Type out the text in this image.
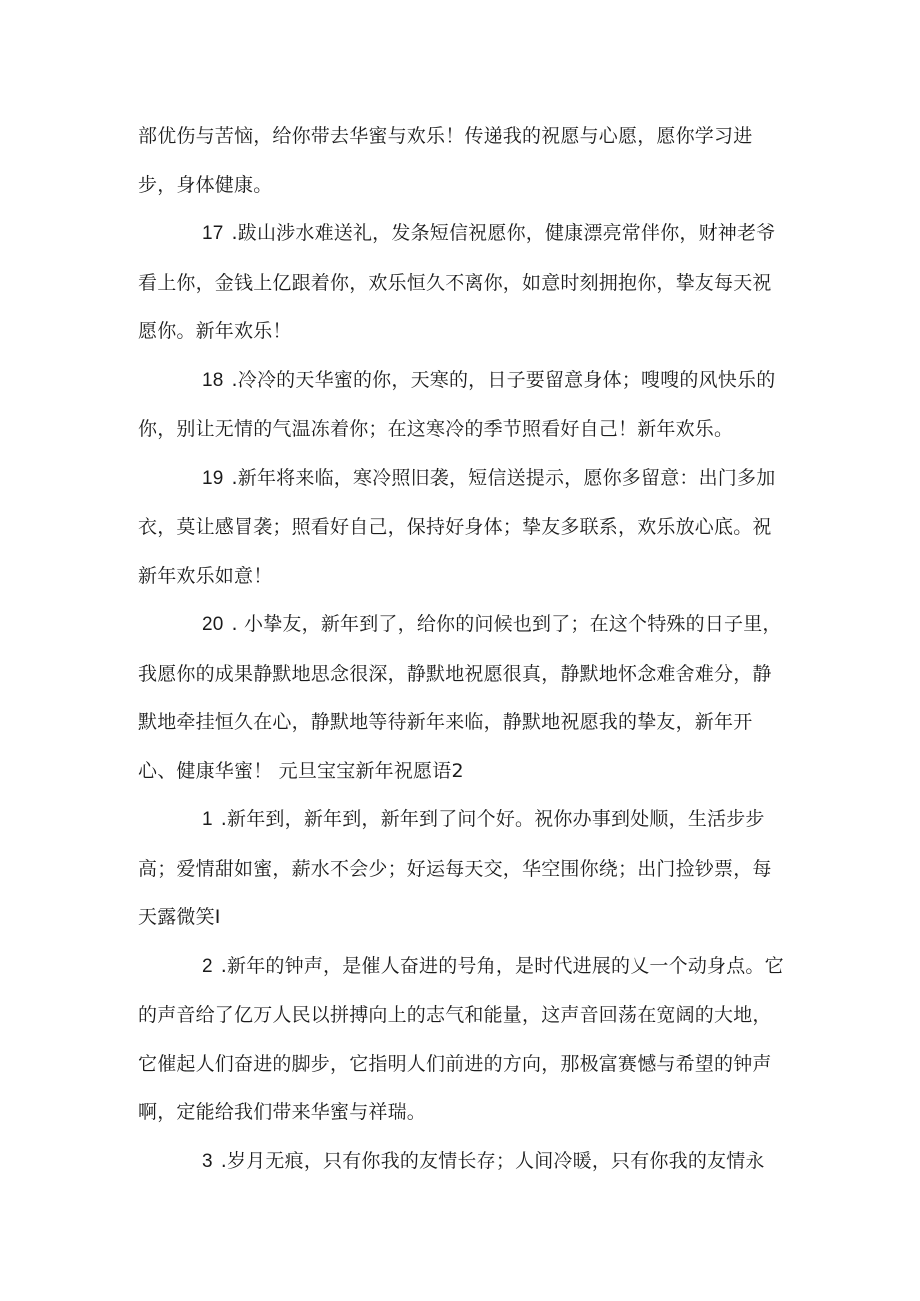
部优伤与苦恼，给你带去华蜜与欢乐！传递我的祝愿与心愿，愿你学习进步，身体健康。

17 .跋山涉水难送礼，发条短信祝愿你，健康漂亮常伴你，财神老爷看上你，金钱上亿跟着你，欢乐恒久不离你，如意时刻拥抱你，挚友每天祝愿你。新年欢乐！

18 .冷冷的天华蜜的你，天寒的，日子要留意身体；嗖嗖的风快乐的你，别让无情的气温冻着你；在这寒冷的季节照看好自己！新年欢乐。

19 .新年将来临，寒冷照旧袭，短信送提示，愿你多留意：出门多加衣，莫让感冒袭；照看好自己，保持好身体；挚友多联系，欢乐放心底。祝新年欢乐如意！

20 . 小挚友，新年到了，给你的问候也到了；在这个特殊的日子里，我愿你的成果静默地思念很深，静默地祝愿很真，静默地怀念难舍难分，静默地牵挂恒久在心，静默地等待新年来临，静默地祝愿我的挚友，新年开心、健康华蜜！ 元旦宝宝新年祝愿语2

1 .新年到，新年到，新年到了问个好。祝你办事到处顺，生活步步高；爱情甜如蜜，薪水不会少；好运每天交，华空围你绕；出门捡钞票，每天露微笑I

2 .新年的钟声，是催人奋进的号角，是时代进展的乂一个动身点。它的声音给了亿万人民以拼搏向上的志气和能量，这声音回荡在宽阔的大地，它催起人们奋进的脚步，它指明人们前进的方向，那极富赛憾与希望的钟声啊，定能给我们带来华蜜与祥瑞。

3 .岁月无痕，只有你我的友情长存；人间冷暖，只有你我的友情永
